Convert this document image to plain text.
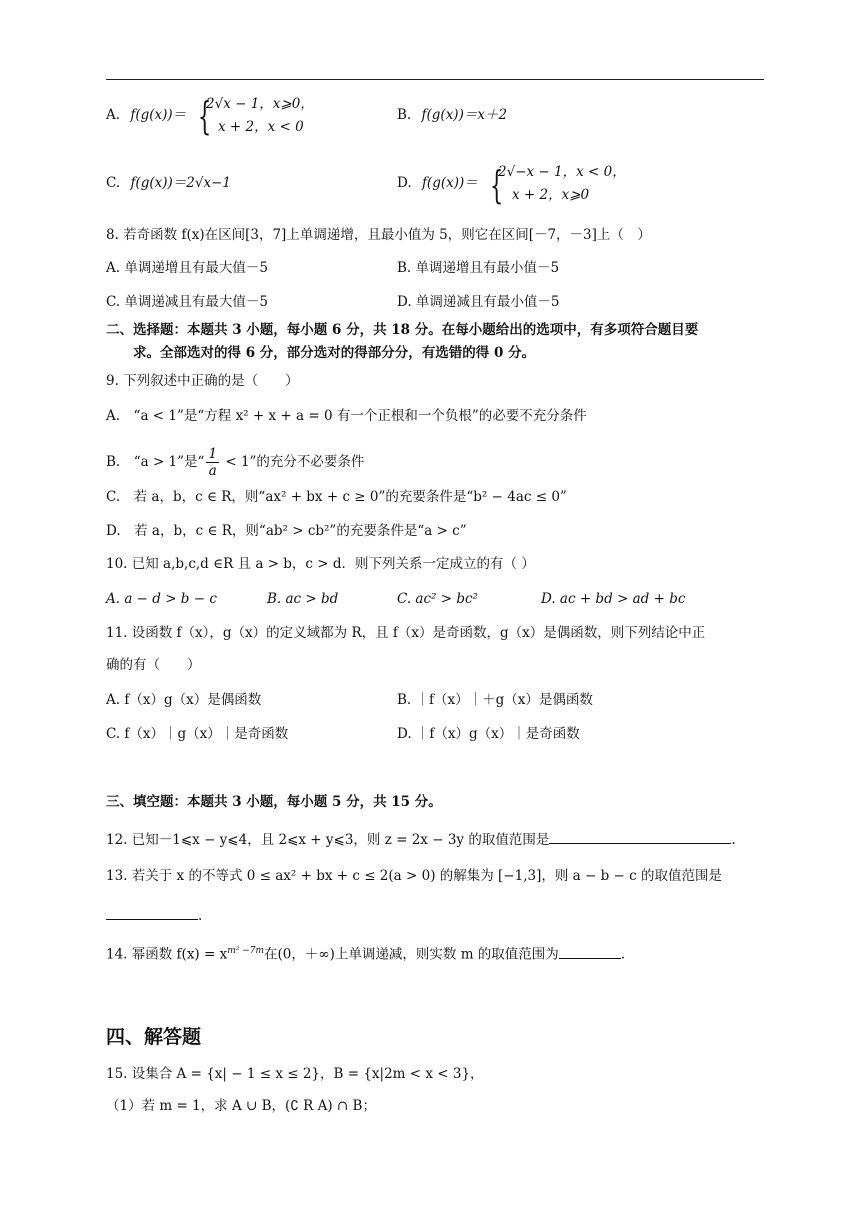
A. f(g(x))＝ {
2√x − 1，x⩾0，
x + 2，x < 0
B. f(g(x))＝x＋2
C. f(g(x))＝2√x−1	D. f(g(x))＝ {
2√−x − 1，x < 0，
x + 2，x⩾0
8. 若奇函数 f(x)在区间[3，7]上单调递增，且最小值为 5，则它在区间[－7，－3]上（　）
A. 单调递增且有最大值－5	B. 单调递增且有最小值－5
C. 单调递减且有最大值－5	D. 单调递减且有最小值－5
二、选择题：本题共 3 小题，每小题 6 分，共 18 分。在每小题给出的选项中，有多项符合题目要
求。全部选对的得 6 分，部分选对的得部分分，有选错的得 0 分。
9. 下列叙述中正确的是（　　）
A.　“a < 1”是“方程 x² + x + a = 0 有一个正根和一个负根”的必要不充分条件
B.　“a > 1”是“ $\frac{1}{a} < 1$”的充分不必要条件
C.　若 a，b，c ∈ R，则“ax² + bx + c ≥ 0”的充要条件是“b² − 4ac ≤ 0”
D.　若 a，b，c ∈ R，则“ab² > cb²”的充要条件是“a > c”
10. 已知 a,b,c,d ∈R 且 a > b，c > d．则下列关系一定成立的有（ ）
A. a − d > b − c	B. ac > bd	C. ac² > bc²	D. ac + bd > ad + bc
11. 设函数 f（x），g（x）的定义域都为 R，且 f（x）是奇函数，g（x）是偶函数，则下列结论中正
确的有（　　）
A. f（x）g（x）是偶函数	B. ｜f（x）｜＋g（x）是偶函数
C. f（x）｜g（x）｜是奇函数	D. ｜f（x）g（x）｜是奇函数
三、填空题：本题共 3 小题，每小题 5 分，共 15 分。
12. 已知－1⩽x − y⩽4，且 2⩽x + y⩽3，则 z = 2x − 3y 的取值范围是	.
13. 若关于 x 的不等式 0 ≤ ax² + bx + c ≤ 2(a > 0) 的解集为 [−1,3]，则 a − b − c 的取值范围是
.
14. 幂函数 $f(x) = x^{m^2 -7m}$在(0，＋∞)上单调递减，则实数 m 的取值范围为	.
四、解答题
15. 设集合 A = {x| − 1 ≤ x ≤ 2}，B = {x|2m < x < 3}，
（1）若 m = 1，求 A ∪ B，(∁ R A) ∩ B；
